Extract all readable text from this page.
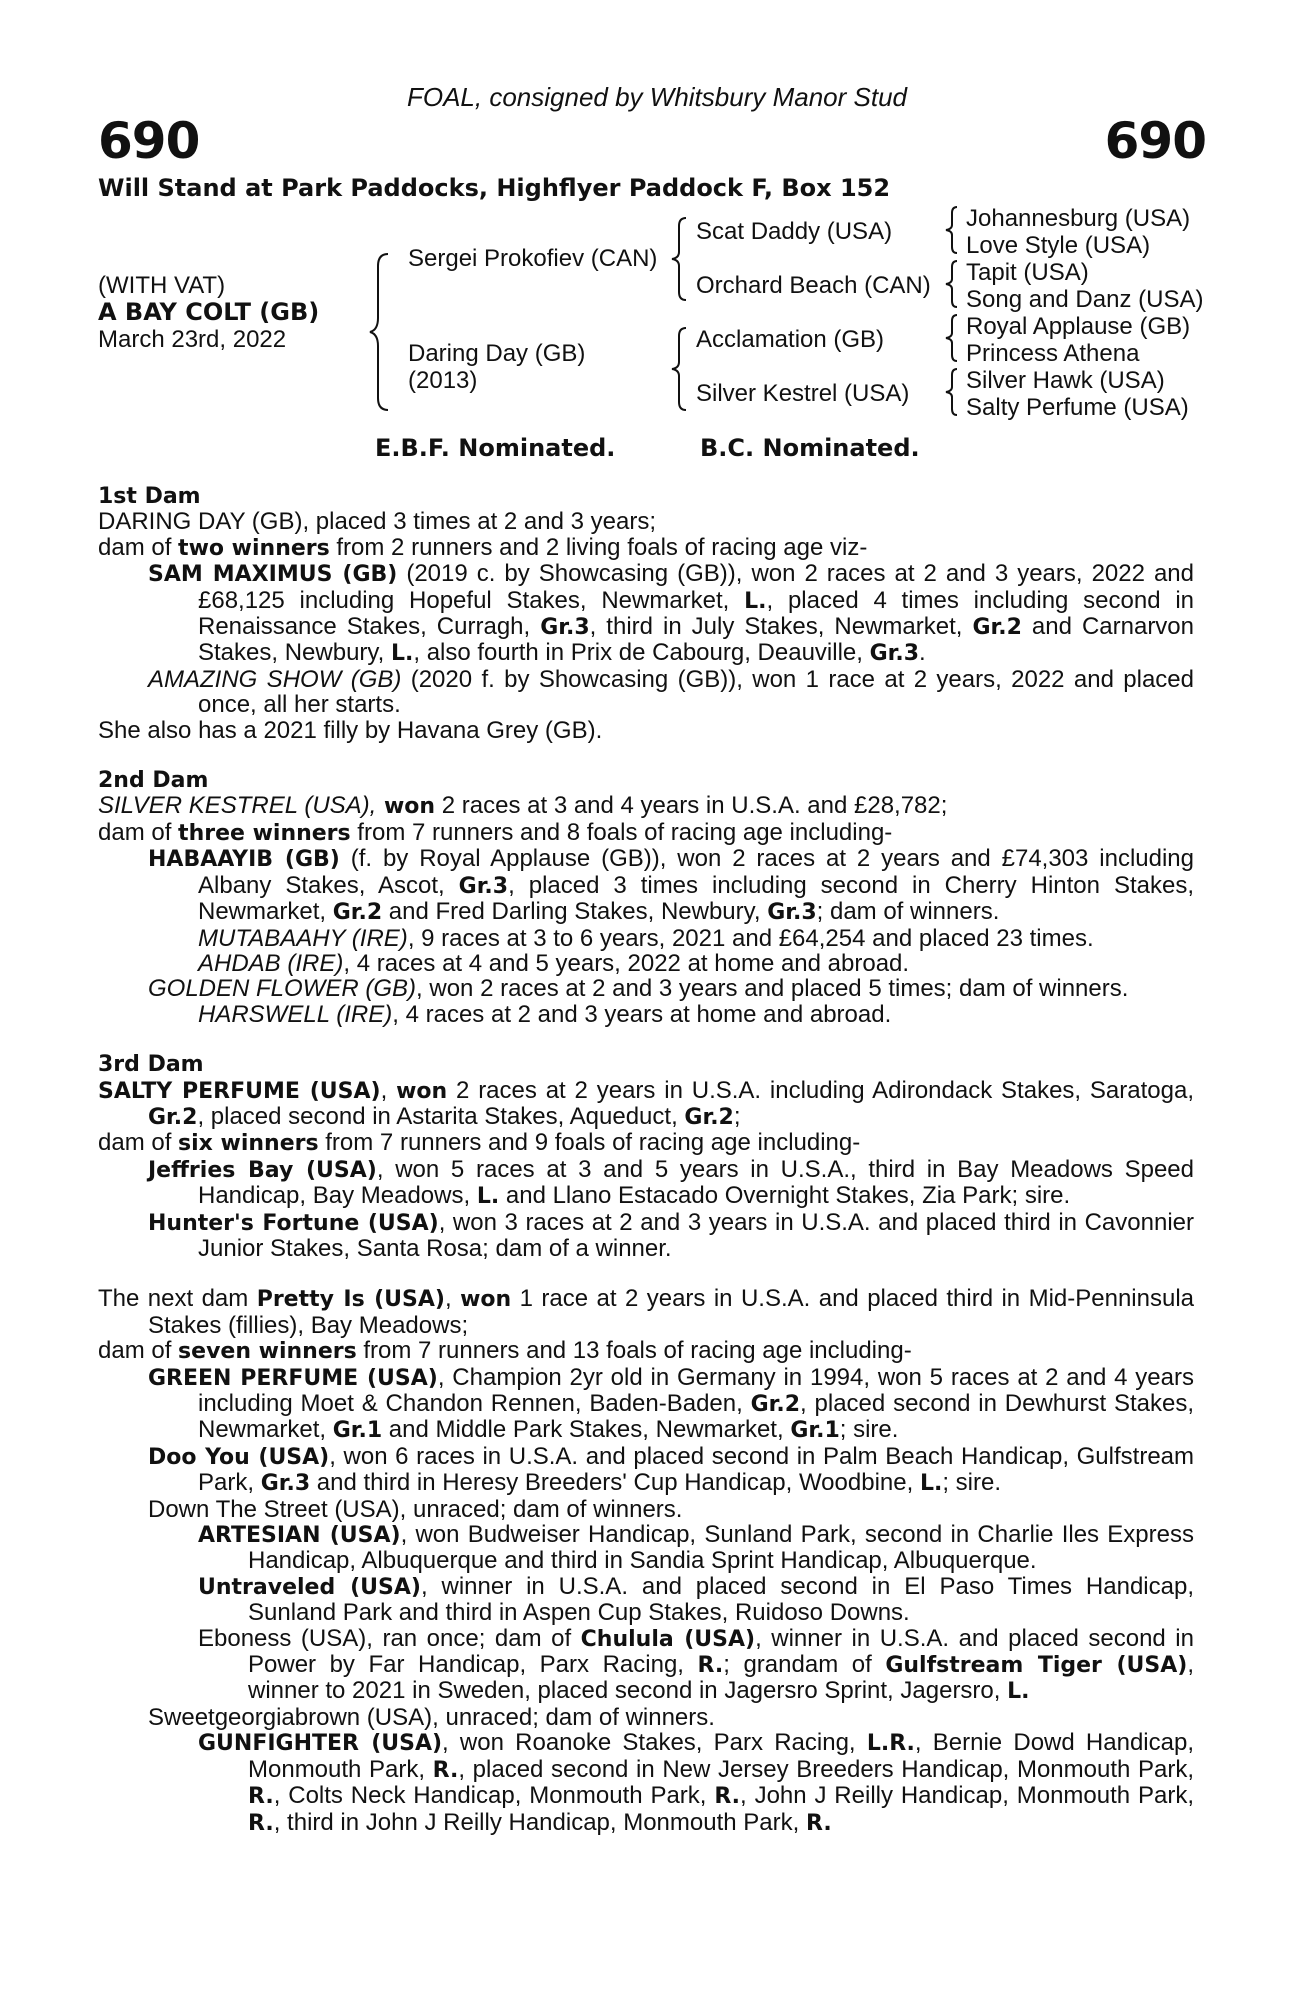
FOAL, consigned by Whitsbury Manor Stud
690	690
Will Stand at Park Paddocks, Highflyer Paddock F, Box 152
(WITH VAT)
A BAY COLT (GB)
March 23rd, 2022
Sergei Prokofiev (CAN)
Daring Day (GB)
(2013)
Scat Daddy (USA)
Orchard Beach (CAN)
Acclamation (GB)
Silver Kestrel (USA)
Johannesburg (USA)
Love Style (USA)
Tapit (USA)
Song and Danz (USA)
Royal Applause (GB)
Princess Athena
Silver Hawk (USA)
Salty Perfume (USA)
E.B.F. Nominated.	B.C. Nominated.

1st Dam

DARING DAY (GB), placed 3 times at 2 and 3 years;

dam of two winners from 2 runners and 2 living foals of racing age viz-

SAM MAXIMUS (GB) (2019 c. by Showcasing (GB)), won 2 races at 2 and 3 years, 2022 and £68,125 including Hopeful Stakes, Newmarket, L., placed 4 times including second in Renaissance Stakes, Curragh, Gr.3, third in July Stakes, Newmarket, Gr.2 and Carnarvon Stakes, Newbury, L., also fourth in Prix de Cabourg, Deauville, Gr.3.

AMAZING SHOW (GB) (2020 f. by Showcasing (GB)), won 1 race at 2 years, 2022 and placed once, all her starts.

She also has a 2021 filly by Havana Grey (GB).

2nd Dam

SILVER KESTREL (USA), won 2 races at 3 and 4 years in U.S.A. and £28,782;

dam of three winners from 7 runners and 8 foals of racing age including-

HABAAYIB (GB) (f. by Royal Applause (GB)), won 2 races at 2 years and £74,303 including Albany Stakes, Ascot, Gr.3, placed 3 times including second in Cherry Hinton Stakes, Newmarket, Gr.2 and Fred Darling Stakes, Newbury, Gr.3; dam of winners.

MUTABAAHY (IRE), 9 races at 3 to 6 years, 2021 and £64,254 and placed 23 times.

AHDAB (IRE), 4 races at 4 and 5 years, 2022 at home and abroad.

GOLDEN FLOWER (GB), won 2 races at 2 and 3 years and placed 5 times; dam of winners.

HARSWELL (IRE), 4 races at 2 and 3 years at home and abroad.

3rd Dam

SALTY PERFUME (USA), won 2 races at 2 years in U.S.A. including Adirondack Stakes, Saratoga, Gr.2, placed second in Astarita Stakes, Aqueduct, Gr.2;

dam of six winners from 7 runners and 9 foals of racing age including-

Jeffries Bay (USA), won 5 races at 3 and 5 years in U.S.A., third in Bay Meadows Speed Handicap, Bay Meadows, L. and Llano Estacado Overnight Stakes, Zia Park; sire.

Hunter's Fortune (USA), won 3 races at 2 and 3 years in U.S.A. and placed third in Cavonnier Junior Stakes, Santa Rosa; dam of a winner.

The next dam Pretty Is (USA), won 1 race at 2 years in U.S.A. and placed third in Mid-Penninsula Stakes (fillies), Bay Meadows;

dam of seven winners from 7 runners and 13 foals of racing age including-

GREEN PERFUME (USA), Champion 2yr old in Germany in 1994, won 5 races at 2 and 4 years including Moet & Chandon Rennen, Baden-Baden, Gr.2, placed second in Dewhurst Stakes, Newmarket, Gr.1 and Middle Park Stakes, Newmarket, Gr.1; sire.

Doo You (USA), won 6 races in U.S.A. and placed second in Palm Beach Handicap, Gulfstream Park, Gr.3 and third in Heresy Breeders' Cup Handicap, Woodbine, L.; sire.

Down The Street (USA), unraced; dam of winners.

ARTESIAN (USA), won Budweiser Handicap, Sunland Park, second in Charlie Iles Express Handicap, Albuquerque and third in Sandia Sprint Handicap, Albuquerque.

Untraveled (USA), winner in U.S.A. and placed second in El Paso Times Handicap, Sunland Park and third in Aspen Cup Stakes, Ruidoso Downs.

Eboness (USA), ran once; dam of Chulula (USA), winner in U.S.A. and placed second in Power by Far Handicap, Parx Racing, R.; grandam of Gulfstream Tiger (USA), winner to 2021 in Sweden, placed second in Jagersro Sprint, Jagersro, L.

Sweetgeorgiabrown (USA), unraced; dam of winners.

GUNFIGHTER (USA), won Roanoke Stakes, Parx Racing, L.R., Bernie Dowd Handicap, Monmouth Park, R., placed second in New Jersey Breeders Handicap, Monmouth Park, R., Colts Neck Handicap, Monmouth Park, R., John J Reilly Handicap, Monmouth Park, R., third in John J Reilly Handicap, Monmouth Park, R.
